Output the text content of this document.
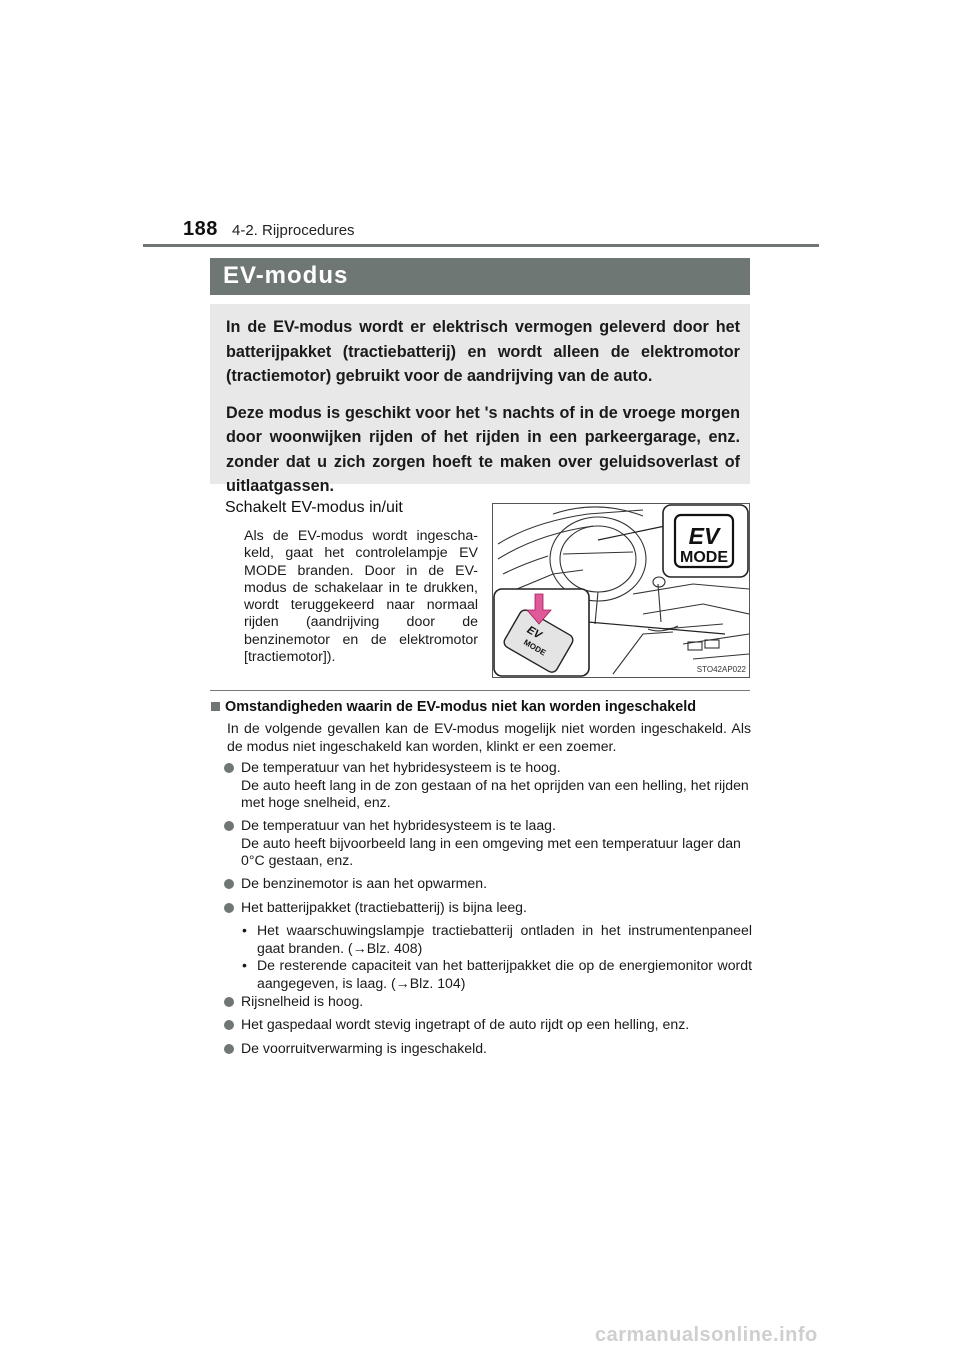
188 4-2. Rijprocedures
EV-modus

In de EV-modus wordt er elektrisch vermogen geleverd door het batterijpakket (tractiebatterij) en wordt alleen de elektromotor (tractiemotor) gebruikt voor de aandrijving van de auto.

Deze modus is geschikt voor het 's nachts of in de vroege morgen door woonwijken rijden of het rijden in een parkeergarage, enz. zonder dat u zich zorgen hoeft te maken over geluidsoverlast of uitlaatgassen.

Schakelt EV-modus in/uit
Als de EV-modus wordt ingeschakeld, gaat het controlelampje EV MODE branden. Door in de EV-modus de schakelaar in te drukken, wordt teruggekeerd naar normaal rijden (aandrijving door de benzinemotor en de elektromotor [tractiemotor]).
EV
MODE
EV
MODE
STO42AP022
Omstandigheden waarin de EV-modus niet kan worden ingeschakeld
In de volgende gevallen kan de EV-modus mogelijk niet worden ingeschakeld. Als de modus niet ingeschakeld kan worden, klinkt er een zoemer.
De temperatuur van het hybridesysteem is te hoog.
De auto heeft lang in de zon gestaan of na het oprijden van een helling, het rijden met hoge snelheid, enz.
De temperatuur van het hybridesysteem is te laag.
De auto heeft bijvoorbeeld lang in een omgeving met een temperatuur lager dan 0°C gestaan, enz.
De benzinemotor is aan het opwarmen.
Het batterijpakket (tractiebatterij) is bijna leeg.
• Het waarschuwingslampje tractiebatterij ontladen in het instrumentenpaneel gaat branden. (→Blz. 408)
• De resterende capaciteit van het batterijpakket die op de energiemonitor wordt aangegeven, is laag. (→Blz. 104)
Rijsnelheid is hoog.
Het gaspedaal wordt stevig ingetrapt of de auto rijdt op een helling, enz.
De voorruitverwarming is ingeschakeld.
carmanualsonline.info
